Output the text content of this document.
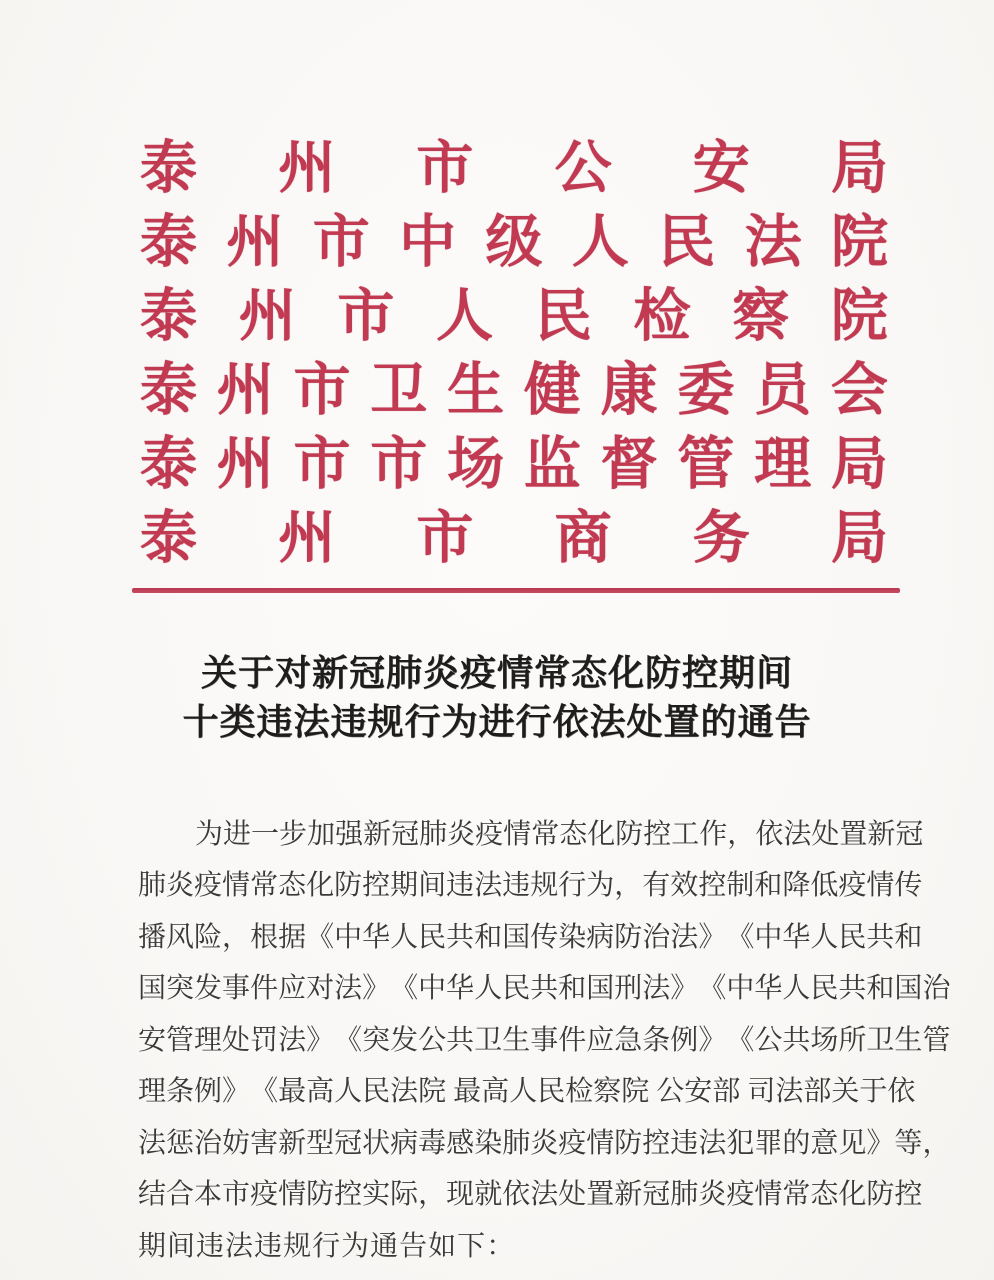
泰 州 市 公 安 局
泰 州 市 中 级 人 民 法 院
泰 州 市 人 民 检 察 院
泰 州 市 卫 生 健 康 委 员 会
泰 州 市 市 场 监 督 管 理 局
泰 州 市 商 务 局
关于对新冠肺炎疫情常态化防控期间
十类违法违规行为进行依法处置的通告
为 进 一 步 加 强 新 冠 肺 炎 疫 情 常 态 化 防 控 工 作 ， 依 法 处 置 新 冠
肺 炎 疫 情 常 态 化 防 控 期 间 违 法 违 规 行 为 ， 有 效 控 制 和 降 低 疫 情 传
播 风 险 ， 根 据 《 中 华 人 民 共 和 国 传 染 病 防 治 法 》 《 中 华 人 民 共 和
国 突 发 事 件 应 对 法 》 《 中 华 人 民 共 和 国 刑 法 》 《 中 华 人 民 共 和 国 治
安 管 理 处 罚 法 》 《 突 发 公 共 卫 生 事 件 应 急 条 例 》 《 公 共 场 所 卫 生 管
理 条 例 》 《 最 高 人 民 法 院
最 高 人 民 检 察 院
公 安 部
司 法 部 关 于 依
法 惩 治 妨 害 新 型 冠 状 病 毒 感 染 肺 炎 疫 情 防 控 违 法 犯 罪 的 意 见 》 等 ，
结 合 本 市 疫 情 防 控 实 际 ， 现 就 依 法 处 置 新 冠 肺 炎 疫 情 常 态 化 防 控
期 间 违 法 违 规 行 为 通 告 如 下 ：
